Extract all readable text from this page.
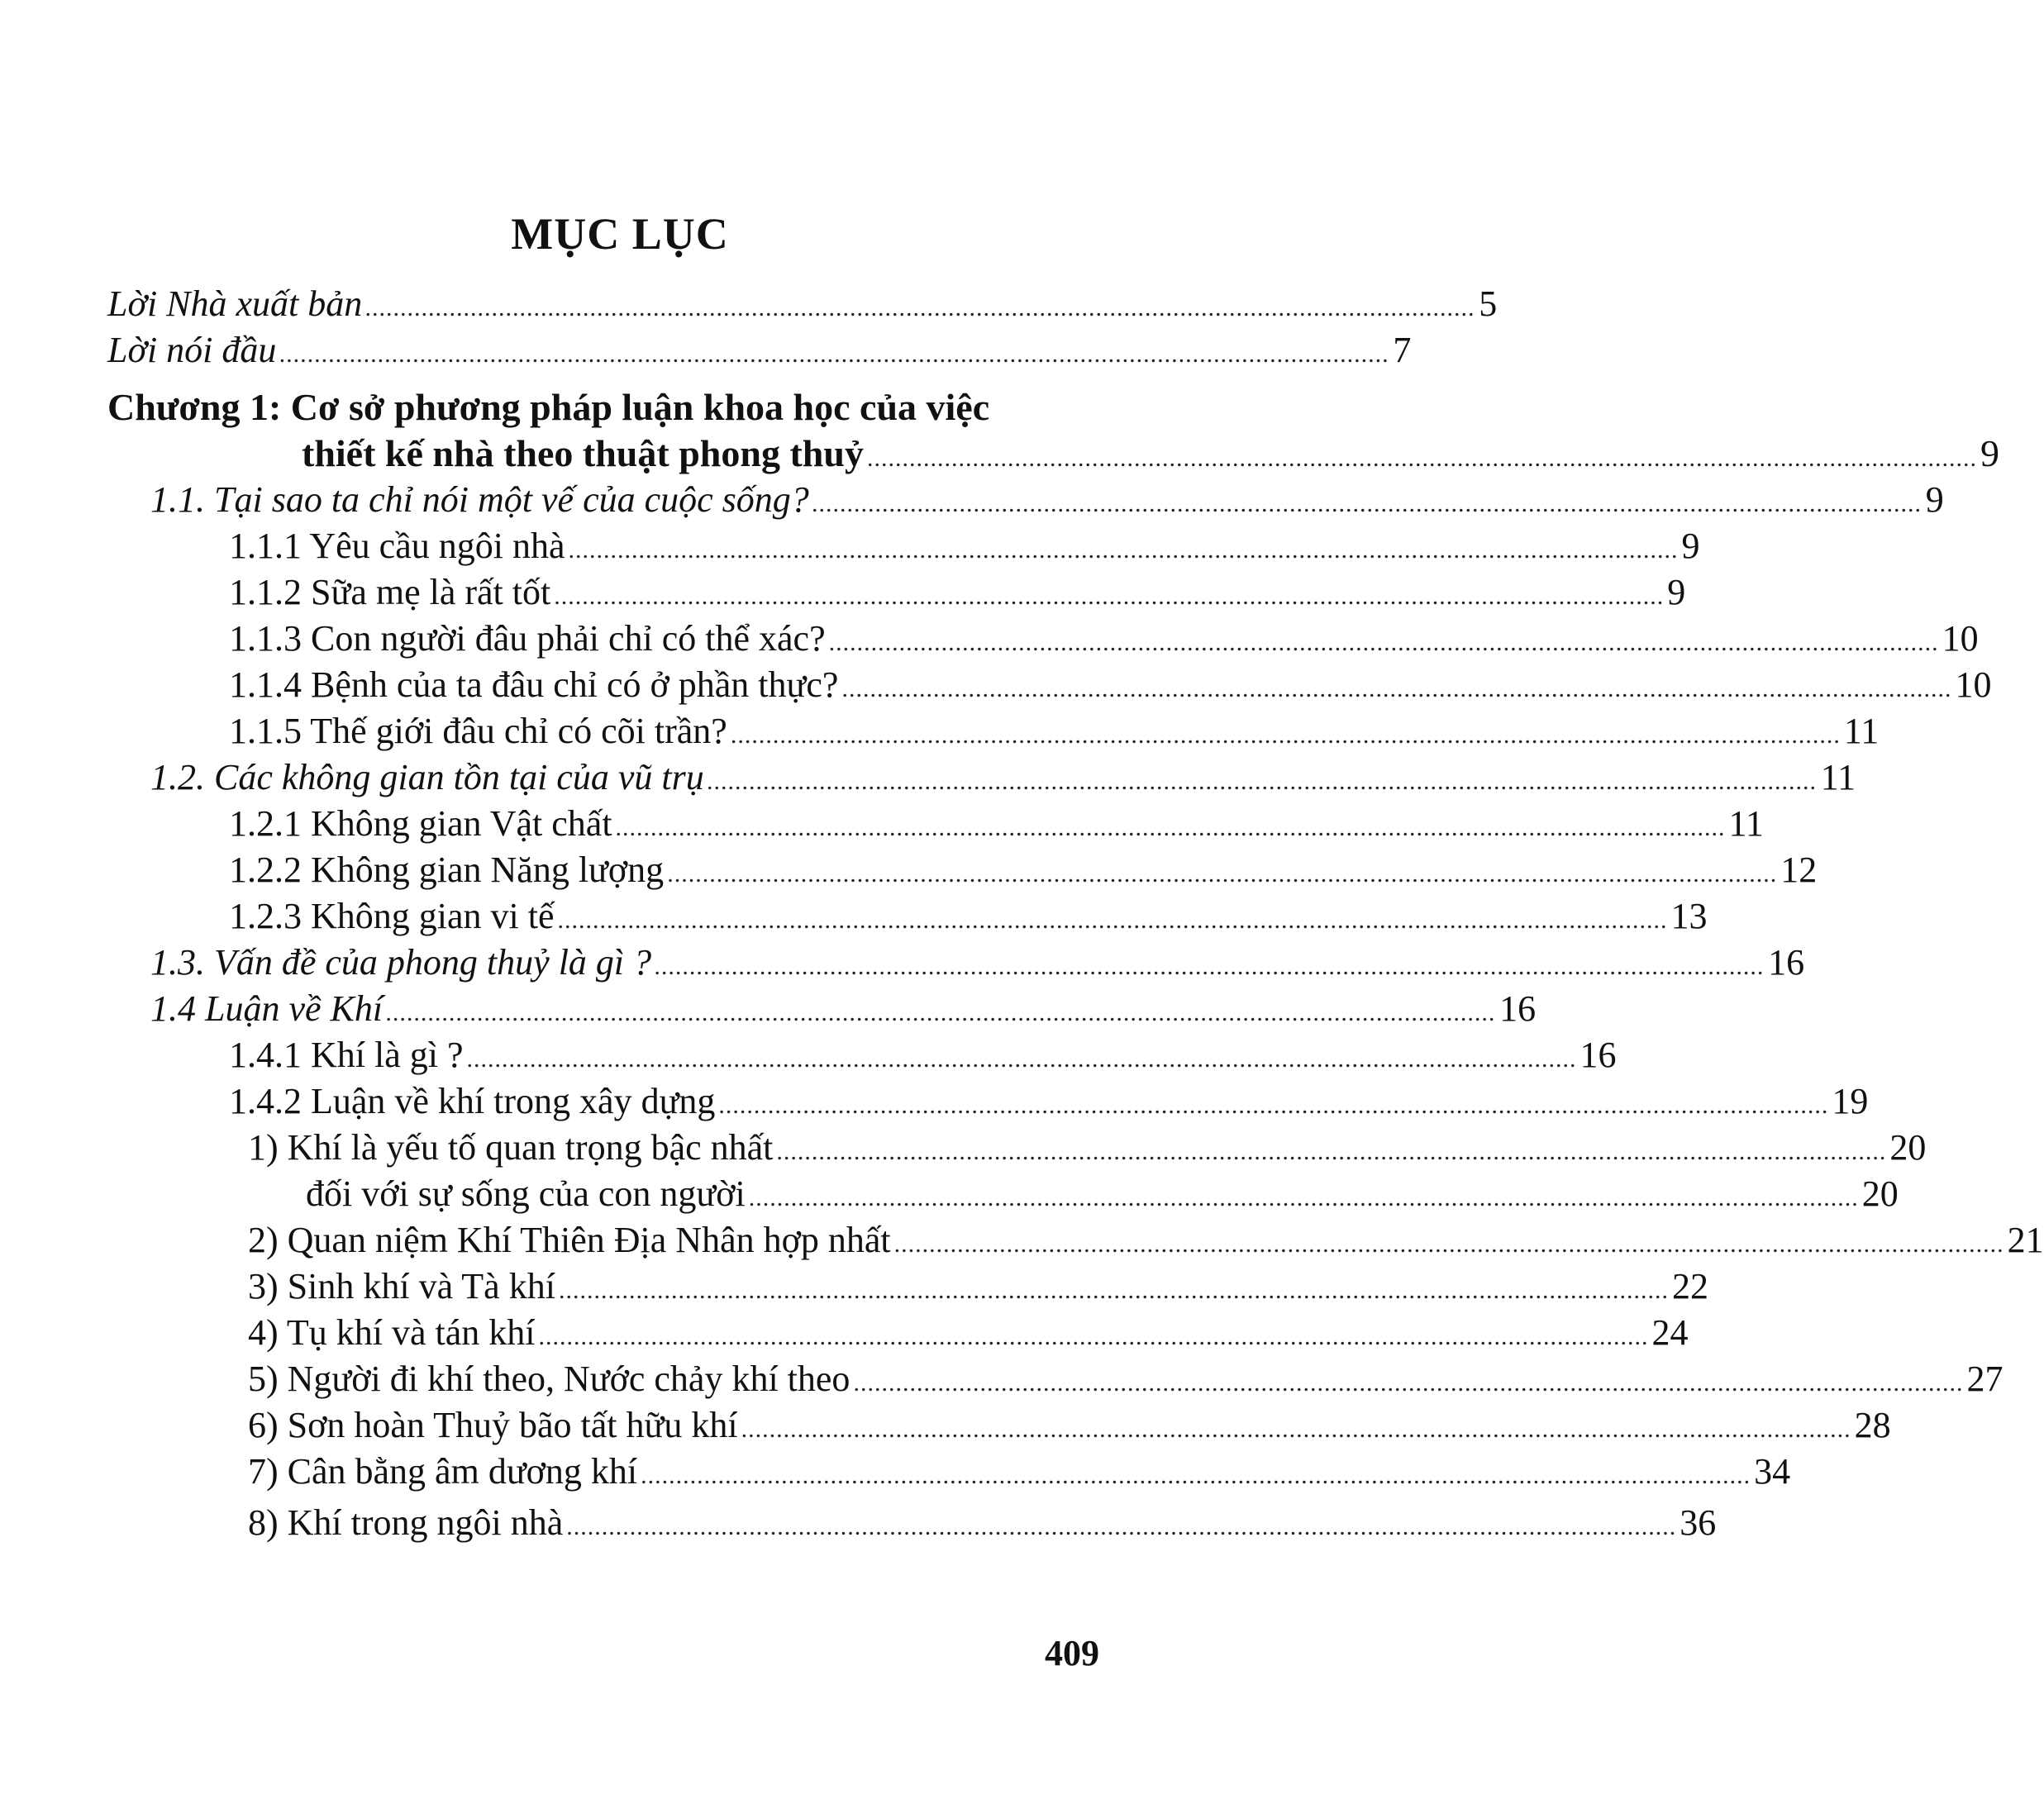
MỤC LỤC
Lời Nhà xuất bản .............................................................................................................................................................. 5
Lời nói đầu .............................................................................................................................................................. 7
Chương 1: Cơ sở phương pháp luận khoa học của việc
thiết kế nhà theo thuật phong thuỷ .............................................................................................................................................................. 9
1.1. Tại sao ta chỉ nói một vế của cuộc sống? .............................................................................................................................................................. 9
1.1.1 Yêu cầu ngôi nhà .............................................................................................................................................................. 9
1.1.2 Sữa mẹ là rất tốt .............................................................................................................................................................. 9
1.1.3 Con người đâu phải chỉ có thể xác? .............................................................................................................................................................. 10
1.1.4 Bệnh của ta đâu chỉ có ở phần thực? .............................................................................................................................................................. 10
1.1.5 Thế giới đâu chỉ có cõi trần? .............................................................................................................................................................. 11
1.2. Các không gian tồn tại của vũ trụ .............................................................................................................................................................. 11
1.2.1 Không gian Vật chất .............................................................................................................................................................. 11
1.2.2 Không gian Năng lượng .............................................................................................................................................................. 12
1.2.3 Không gian vi tế .............................................................................................................................................................. 13
1.3. Vấn đề của phong thuỷ là gì ? .............................................................................................................................................................. 16
1.4 Luận về Khí .............................................................................................................................................................. 16
1.4.1 Khí là gì ? .............................................................................................................................................................. 16
1.4.2 Luận về khí trong xây dựng .............................................................................................................................................................. 19
1) Khí là yếu tố quan trọng bậc nhất .............................................................................................................................................................. 20
đối với sự sống của con người .............................................................................................................................................................. 20
2) Quan niệm Khí Thiên Địa Nhân hợp nhất .............................................................................................................................................................. 21
3) Sinh khí và Tà khí .............................................................................................................................................................. 22
4) Tụ khí và tán khí .............................................................................................................................................................. 24
5) Người đi khí theo, Nước chảy khí theo .............................................................................................................................................................. 27
6) Sơn hoàn Thuỷ bão tất hữu khí .............................................................................................................................................................. 28
7) Cân bằng âm dương khí .............................................................................................................................................................. 34
8) Khí trong ngôi nhà .............................................................................................................................................................. 36
409
